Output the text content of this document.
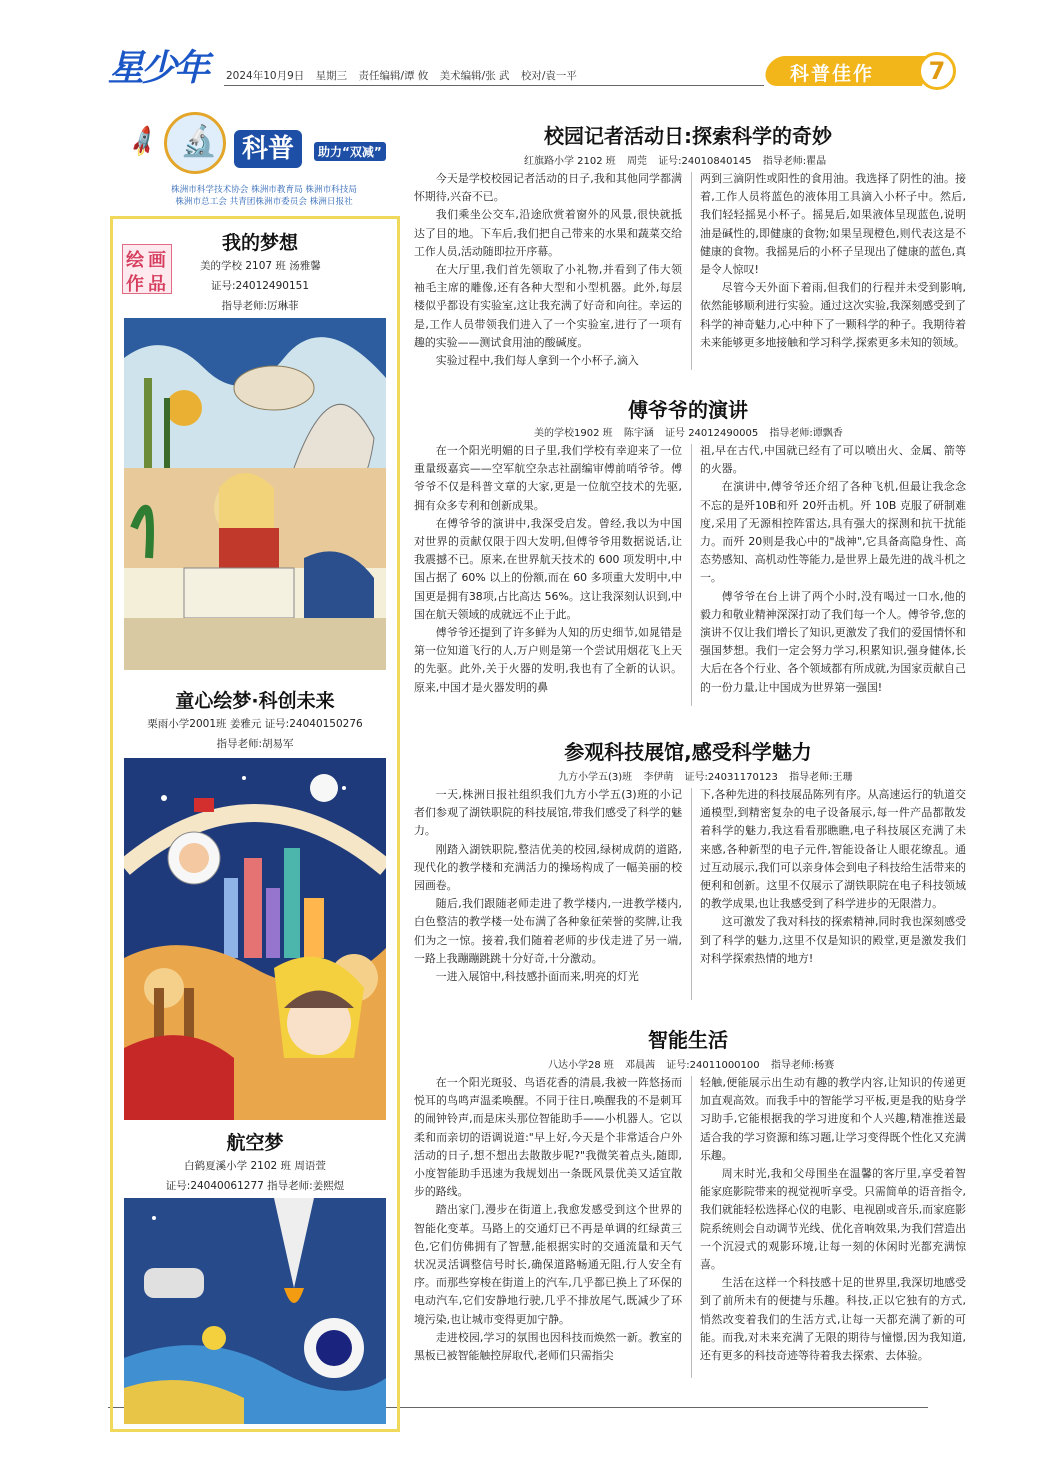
星少年	2024年10月9日 星期三 责任编辑/谭 攸 美术编辑/张 武 校对/袁一平	科普佳作	7
🚀 🔬 科普	助力“双减”
株洲市科学技术协会 株洲市教育局 株洲市科技局
株洲市总工会 共青团株洲市委员会 株洲日报社
绘 画
作 品
我的梦想
美的学校 2107 班 汤雅馨
证号:24012490151
指导老师:厉琳菲
童心绘梦·科创未来
栗雨小学2001班 姜雅元 证号:24040150276
指导老师:胡易军
航空梦
白鹤夏溪小学 2102 班 周语萱
证号:24040061277 指导老师:姜熙煜
校园记者活动日:探索科学的奇妙
红旗路小学 2102 班 周莞 证号:24010840145 指导老师:瞿晶

今天是学校校园记者活动的日子,我和其他同学都满怀期待,兴奋不已。

我们乘坐公交车,沿途欣赏着窗外的风景,很快就抵达了目的地。下车后,我们把自己带来的水果和蔬菜交给工作人员,活动随即拉开序幕。

在大厅里,我们首先领取了小礼物,并看到了伟大领袖毛主席的雕像,还有各种大型和小型机器。此外,每层楼似乎都设有实验室,这让我充满了好奇和向往。幸运的是,工作人员带领我们进入了一个实验室,进行了一项有趣的实验——测试食用油的酸碱度。

实验过程中,我们每人拿到一个小杯子,滴入

两到三滴阴性或阳性的食用油。我选择了阴性的油。接着,工作人员将蓝色的液体用工具滴入小杯子中。然后,我们轻轻摇晃小杯子。摇晃后,如果液体呈现蓝色,说明油是碱性的,即健康的食物;如果呈现橙色,则代表这是不健康的食物。我摇晃后的小杯子呈现出了健康的蓝色,真是令人惊叹!

尽管今天外面下着雨,但我们的行程并未受到影响,依然能够顺利进行实验。通过这次实验,我深刻感受到了科学的神奇魅力,心中种下了一颗科学的种子。我期待着未来能够更多地接触和学习科学,探索更多未知的领域。

傅爷爷的演讲
美的学校1902 班 陈宇涵 证号 24012490005 指导老师:谭飘香

在一个阳光明媚的日子里,我们学校有幸迎来了一位重量级嘉宾——空军航空杂志社副编审傅前哨爷爷。傅爷爷不仅是科普文章的大家,更是一位航空技术的先驱,拥有众多专利和创新成果。

在傅爷爷的演讲中,我深受启发。曾经,我以为中国对世界的贡献仅限于四大发明,但傅爷爷用数据说话,让我震撼不已。原来,在世界航天技术的 600 项发明中,中国占据了 60% 以上的份额,而在 60 多项重大发明中,中国更是拥有38项,占比高达 56%。这让我深刻认识到,中国在航天领域的成就远不止于此。

傅爷爷还提到了许多鲜为人知的历史细节,如晁错是第一位知道飞行的人,万户则是第一个尝试用烟花飞上天的先驱。此外,关于火器的发明,我也有了全新的认识。原来,中国才是火器发明的鼻

祖,早在古代,中国就已经有了可以喷出火、金属、箭等的火器。

在演讲中,傅爷爷还介绍了各种飞机,但最让我念念不忘的是歼10B和歼 20歼击机。歼 10B 克服了研制难度,采用了无源相控阵雷达,具有强大的探测和抗干扰能力。而歼 20则是我心中的"战神",它具备高隐身性、高态势感知、高机动性等能力,是世界上最先进的战斗机之一。

傅爷爷在台上讲了两个小时,没有喝过一口水,他的毅力和敬业精神深深打动了我们每一个人。傅爷爷,您的演讲不仅让我们增长了知识,更激发了我们的爱国情怀和强国梦想。我们一定会努力学习,积累知识,强身健体,长大后在各个行业、各个领域都有所成就,为国家贡献自己的一份力量,让中国成为世界第一强国!

参观科技展馆,感受科学魅力
九方小学五(3)班 李伊萌 证号:24031170123 指导老师:王珊

一天,株洲日报社组织我们九方小学五(3)班的小记者们参观了湖铁职院的科技展馆,带我们感受了科学的魅力。

刚踏入湖铁职院,整洁优美的校园,绿树成荫的道路,现代化的教学楼和充满活力的操场构成了一幅美丽的校园画卷。

随后,我们跟随老师走进了教学楼内,一进教学楼内,白色整洁的教学楼一处布满了各种象征荣誉的奖牌,让我们为之一惊。接着,我们随着老师的步伐走进了另一端,一路上我蹦蹦跳跳十分好奇,十分激动。

一进入展馆中,科技感扑面而来,明亮的灯光

下,各种先进的科技展品陈列有序。从高速运行的轨道交通模型,到精密复杂的电子设备展示,每一件产品都散发着科学的魅力,我这看看那瞧瞧,电子科技展区充满了未来感,各种新型的电子元件,智能设备让人眼花缭乱。通过互动展示,我们可以亲身体会到电子科技给生活带来的便利和创新。这里不仅展示了湖铁职院在电子科技领域的教学成果,也让我感受到了科学进步的无限潜力。

这可激发了我对科技的探索精神,同时我也深刻感受到了科学的魅力,这里不仅是知识的殿堂,更是激发我们对科学探索热情的地方!

智能生活
八达小学28 班 邓晨茜 证号:24011000100 指导老师:杨赛

在一个阳光斑驳、鸟语花香的清晨,我被一阵悠扬而悦耳的鸟鸣声温柔唤醒。不同于往日,唤醒我的不是刺耳的闹钟铃声,而是床头那位智能助手——小机器人。它以柔和而亲切的语调说道:"早上好,今天是个非常适合户外活动的日子,想不想出去散散步呢?"我微笑着点头,随即,小度智能助手迅速为我规划出一条既风景优美又适宜散步的路线。

踏出家门,漫步在街道上,我愈发感受到这个世界的智能化变革。马路上的交通灯已不再是单调的红绿黄三色,它们仿佛拥有了智慧,能根据实时的交通流量和天气状况灵活调整信号时长,确保道路畅通无阻,行人安全有序。而那些穿梭在街道上的汽车,几乎都已换上了环保的电动汽车,它们安静地行驶,几乎不排放尾气,既减少了环境污染,也让城市变得更加宁静。

走进校园,学习的氛围也因科技而焕然一新。教室的黑板已被智能触控屏取代,老师们只需指尖

轻触,便能展示出生动有趣的教学内容,让知识的传递更加直观高效。而我手中的智能学习平板,更是我的贴身学习助手,它能根据我的学习进度和个人兴趣,精准推送最适合我的学习资源和练习题,让学习变得既个性化又充满乐趣。

周末时光,我和父母围坐在温馨的客厅里,享受着智能家庭影院带来的视觉视听享受。只需简单的语音指令,我们就能轻松选择心仪的电影、电视剧或音乐,而家庭影院系统则会自动调节光线、优化音响效果,为我们营造出一个沉浸式的观影环境,让每一刻的休闲时光都充满惊喜。

生活在这样一个科技感十足的世界里,我深切地感受到了前所未有的便捷与乐趣。科技,正以它独有的方式,悄然改变着我们的生活方式,让每一天都充满了新的可能。而我,对未来充满了无限的期待与憧憬,因为我知道,还有更多的科技奇迹等待着我去探索、去体验。
